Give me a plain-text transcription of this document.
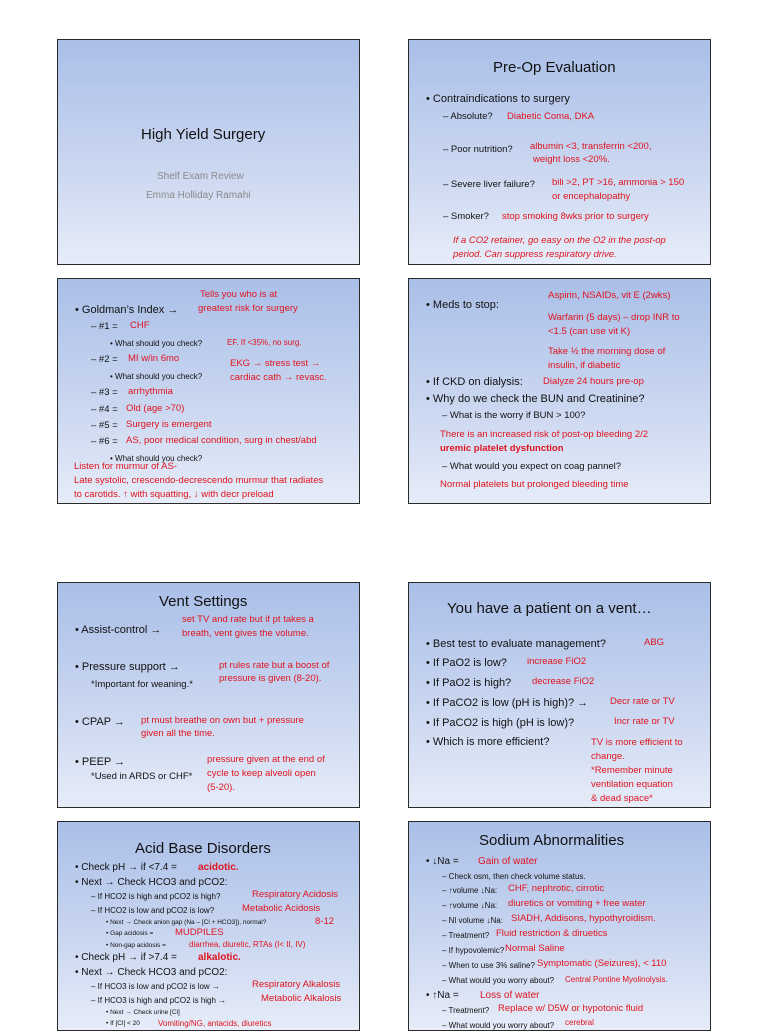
High Yield Surgery
Shelf Exam Review
Emma Holliday Ramahi
Pre-Op Evaluation
• Contraindications to surgery
– Absolute? Diabetic Coma, DKA
– Poor nutrition? albumin <3, transferrin <200,
weight loss <20%.
– Severe liver failure? bili >2, PT >16, ammonia > 150
or encephalopathy
– Smoker? stop smoking 8wks prior to surgery
If a CO2 retainer, go easy on the O2 in the post-op
period. Can suppress respiratory drive.
Tells you who is at
greatest risk for surgery
• Goldman’s Index →
– #1 = CHF
• What should you check?	EF. If <35%, no surg.
– #2 = MI w/in 6mo
• What should you check?
EKG → stress test →
cardiac cath → revasc.
– #3 = arrhythmia
– #4 = Old (age >70)
– #5 = Surgery is emergent
– #6 = AS, poor medical condition, surg in chest/abd
• What should you check?
Listen for murmur of AS-
Late systolic, crescendo-decrescendo murmur that radiates
to carotids. ↑ with squatting, ↓ with decr preload
• Meds to stop:
Aspirin, NSAIDs, vit E (2wks)
Warfarin (5 days) – drop INR to
<1.5 (can use vit K)
Take ½ the morning dose of
insulin, if diabetic
• If CKD on dialysis: Dialyze 24 hours pre-op
• Why do we check the BUN and Creatinine?
– What is the worry if BUN > 100?
There is an increased risk of post-op bleeding 2/2
uremic platelet dysfunction
– What would you expect on coag pannel?
Normal platelets but prolonged bleeding time
Vent Settings
• Assist-control →
set TV and rate but if pt takes a
breath, vent gives the volume.
• Pressure support →
*Important for weaning.*
pt rules rate but a boost of
pressure is given (8-20).
• CPAP → pt must breathe on own but + pressure
given all the time.
• PEEP →
*Used in ARDS or CHF*
pressure given at the end of
cycle to keep alveoli open
(5-20).
You have a patient on a vent…
• Best test to evaluate management?	ABG
• If PaO2 is low? increase FiO2
• If PaO2 is high? decrease FiO2
• If PaCO2 is low (pH is high)? → Decr rate or TV
• If PaCO2 is high (pH is low)?	Incr rate or TV
• Which is more efficient?	TV is more efficient to
change.
*Remember minute
ventilation equation
& dead space*
Acid Base Disorders
• Check pH → if <7.4 = acidotic.
• Next → Check HCO3 and pCO2:
– If HCO2 is high and pCO2 is high?	Respiratory Acidosis
– If HCO2 is low and pCO2 is low?	Metabolic Acidosis
• Next → Check anion gap (Na – [Cl + HCO3]), normal?	8-12
• Gap acidosis = MUDPILES
• Non-gap acidosis =	diarrhea, diuretic, RTAs (I< II, IV)
• Check pH → if >7.4 = alkalotic.
• Next → Check HCO3 and pCO2:
– If HCO3 is low and pCO2 is low →	Respiratory Alkalosis
– If HCO3 is high and pCO2 is high →	Metabolic Alkalosis
• Next → Check urine [Cl]
• If [Cl] < 20 Vomiting/NG, antacids, diuretics
Sodium Abnormalities
• ↓Na = Gain of water
– Check osm, then check volume status.
– ↑volume ↓Na: CHF, nephrotic, cirrotic
– ↑volume ↓Na: diuretics or vomiting + free water
– Nl volume ↓Na: SIADH, Addisons, hypothyroidism.
– Treatment? Fluid restriction & diruetics
– If hypovolemic? Normal Saline
– When to use 3% saline? Symptomatic (Seizures), < 110
– What would you worry about? Central Pontine Myolinolysis.
• ↑Na = Loss of water
– Treatment? Replace w/ D5W or hypotonic fluid
– What would you worry about? cerebral
